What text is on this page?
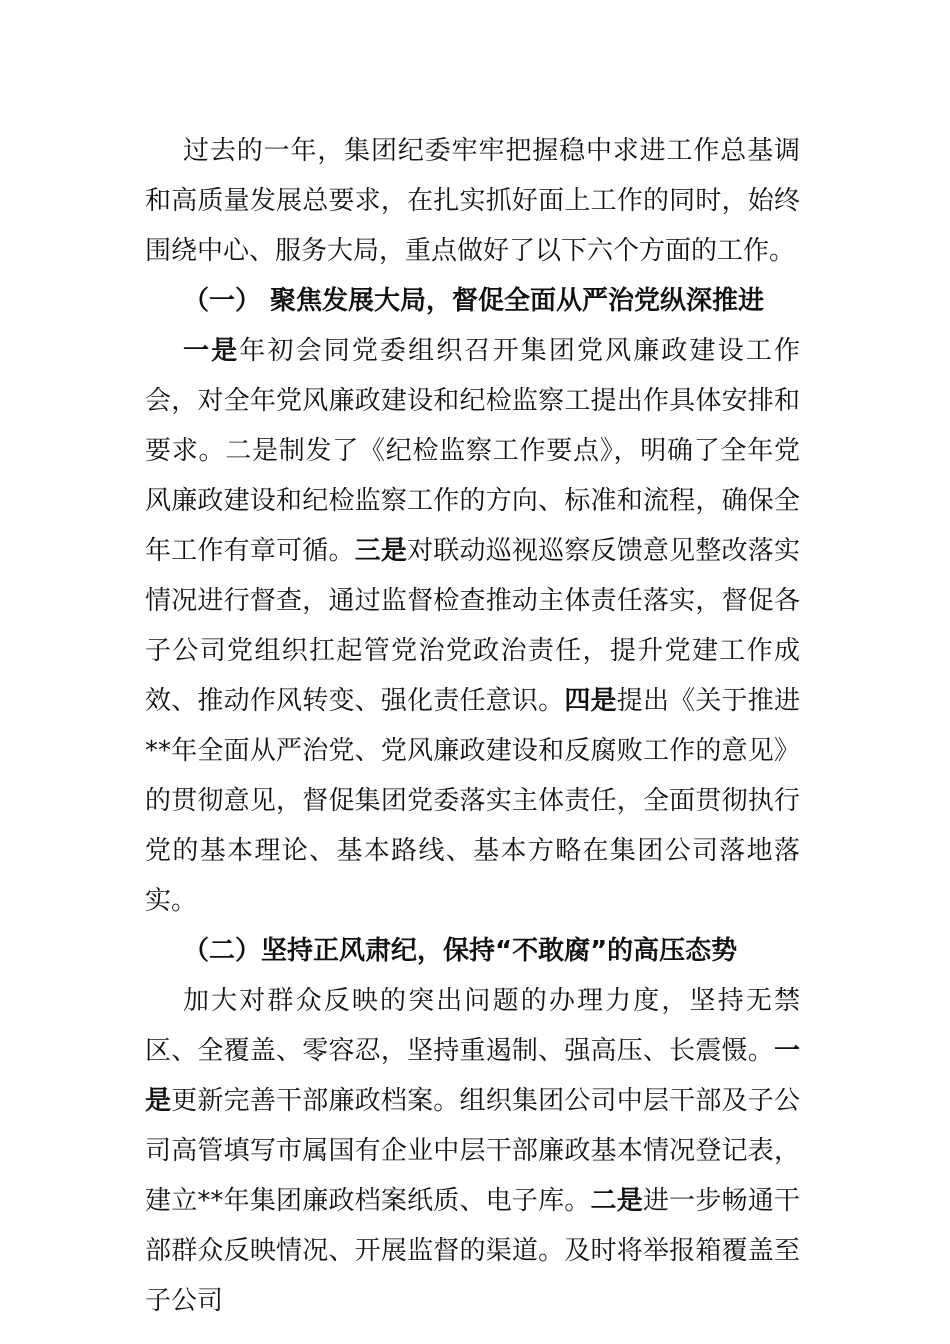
过去的一年，集团纪委牢牢把握稳中求进工作总基调和高质量发展总要求，在扎实抓好面上工作的同时，始终围绕中心、服务大局，重点做好了以下六个方面的工作。

（一） 聚焦发展大局，督促全面从严治党纵深推进

一是年初会同党委组织召开集团党风廉政建设工作会，对全年党风廉政建设和纪检监察工提出作具体安排和要求。二是制发了《纪检监察工作要点》，明确了全年党风廉政建设和纪检监察工作的方向、标准和流程，确保全年工作有章可循。三是对联动巡视巡察反馈意见整改落实情况进行督查，通过监督检查推动主体责任落实，督促各子公司党组织扛起管党治党政治责任，提升党建工作成效、推动作风转变、强化责任意识。四是提出《关于推进**年全面从严治党、党风廉政建设和反腐败工作的意见》的贯彻意见，督促集团党委落实主体责任，全面贯彻执行党的基本理论、基本路线、基本方略在集团公司落地落实。

（二）坚持正风肃纪，保持“不敢腐”的高压态势

加大对群众反映的突出问题的办理力度，坚持无禁区、全覆盖、零容忍，坚持重遏制、强高压、长震慑。一是更新完善干部廉政档案。组织集团公司中层干部及子公司高管填写市属国有企业中层干部廉政基本情况登记表，建立**年集团廉政档案纸质、电子库。二是进一步畅通干部群众反映情况、开展监督的渠道。及时将举报箱覆盖至子公司
